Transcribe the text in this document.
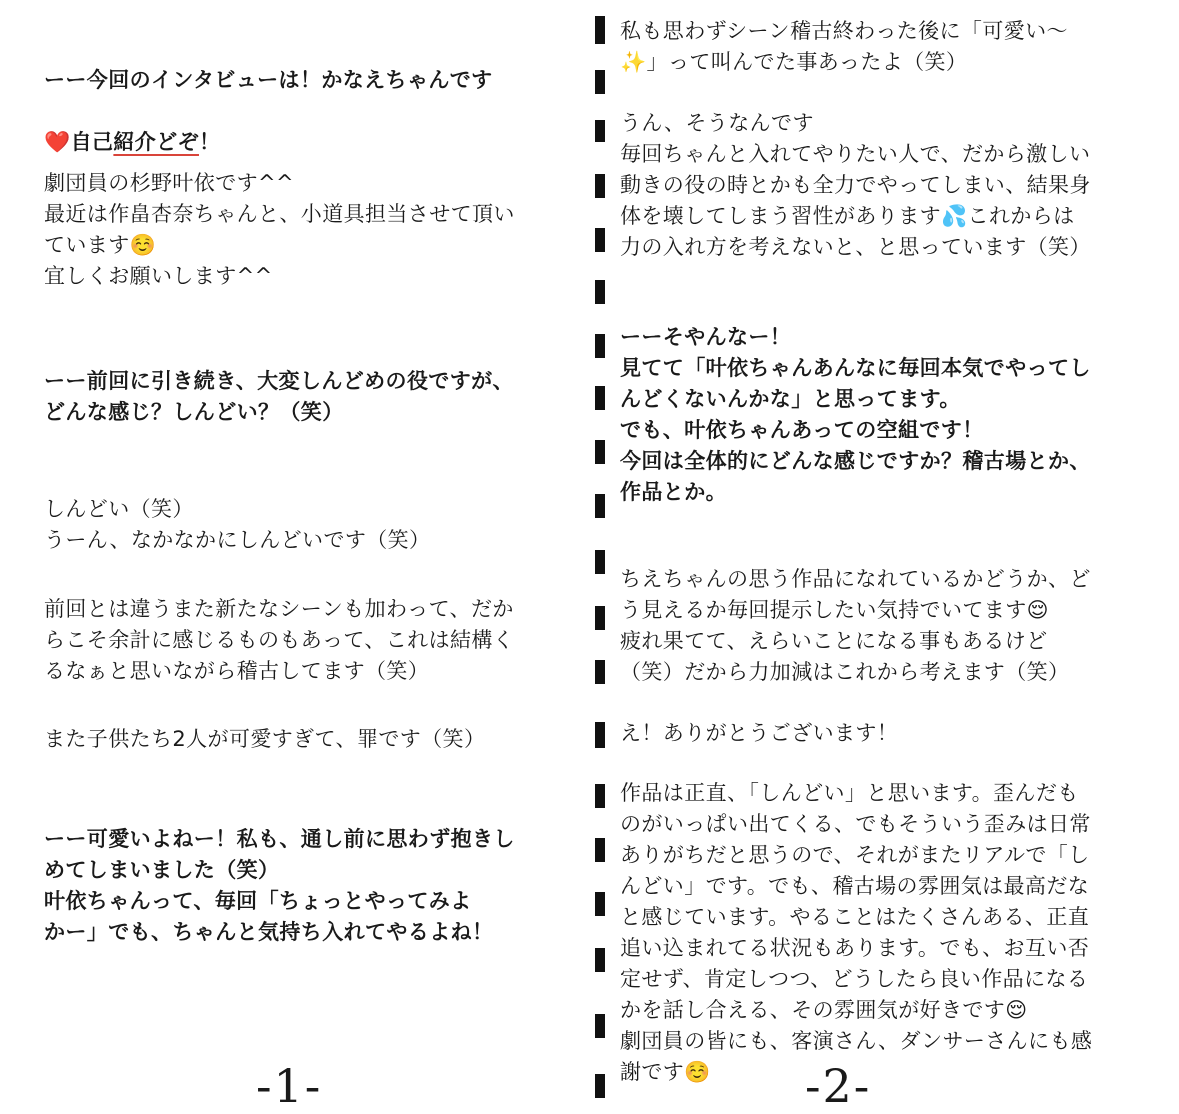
ーー今回のインタビューは！かなえちゃんです

❤️自己紹介どぞ！

劇団員の杉野叶依です^^
最近は作畠杏奈ちゃんと、小道具担当させて頂い
ています☺️
宜しくお願いします^^

ーー前回に引き続き、大変しんどめの役ですが、
どんな感じ？しんどい？（笑）

しんどい（笑）
うーん、なかなかにしんどいです（笑）

前回とは違うまた新たなシーンも加わって、だか
らこそ余計に感じるものもあって、これは結構く
るなぁと思いながら稽古してます（笑）

また子供たち2人が可愛すぎて、罪です（笑）

ーー可愛いよねー！私も、通し前に思わず抱きし
めてしまいました（笑）
叶依ちゃんって、毎回「ちょっとやってみよ
かー」でも、ちゃんと気持ち入れてやるよね！

-1-

私も思わずシーン稽古終わった後に「可愛い〜
✨」って叫んでた事あったよ（笑）

うん、そうなんです
毎回ちゃんと入れてやりたい人で、だから激しい
動きの役の時とかも全力でやってしまい、結果身
体を壊してしまう習性があります💦これからは
力の入れ方を考えないと、と思っています（笑）

ーーそやんなー！
見てて「叶依ちゃんあんなに毎回本気でやってし
んどくないんかな」と思ってます。
でも、叶依ちゃんあっての空組です！
今回は全体的にどんな感じですか？稽古場とか、
作品とか。

ちえちゃんの思う作品になれているかどうか、ど
う見えるか毎回提示したい気持でいてます😌
疲れ果てて、えらいことになる事もあるけど
（笑）だから力加減はこれから考えます（笑）

え！ありがとうございます！

作品は正直、「しんどい」と思います。歪んだも
のがいっぱい出てくる、でもそういう歪みは日常
ありがちだと思うので、それがまたリアルで「し
んどい」です。でも、稽古場の雰囲気は最高だな
と感じています。やることはたくさんある、正直
追い込まれてる状況もあります。でも、お互い否
定せず、肯定しつつ、どうしたら良い作品になる
かを話し合える、その雰囲気が好きです😌
劇団員の皆にも、客演さん、ダンサーさんにも感
謝です☺️	-2-
